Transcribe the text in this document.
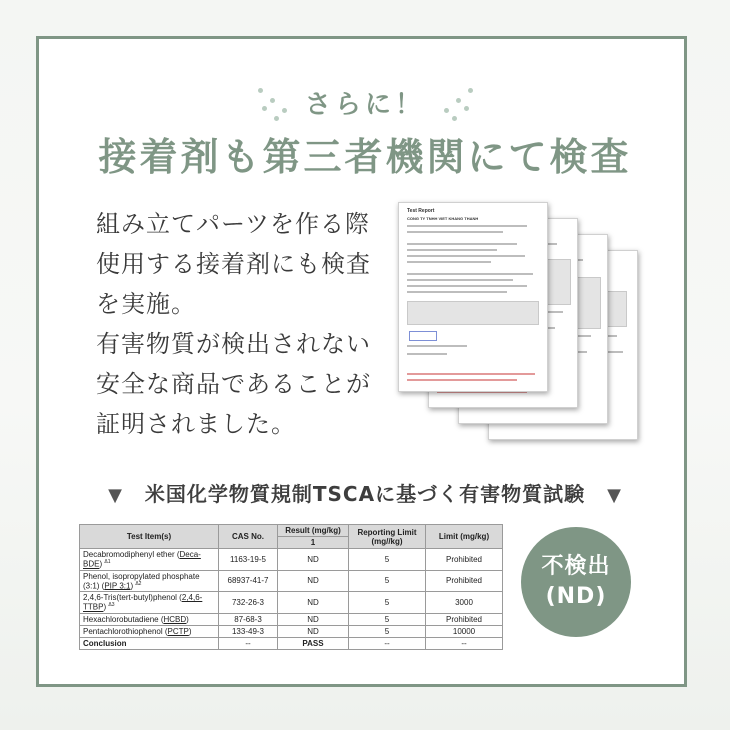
さらに！
接着剤も第三者機関にて検査
組み立てパーツを作る際
使用する接着剤にも検査
を実施。
有害物質が検出されない
安全な商品であることが
証明されました。
Test Report
CONG TY TNHH VIET KHANG THANH
▼ 米国化学物質規制TSCAに基づく有害物質試験 ▼
Test Item(s)	CAS No.	Result (mg/kg)	Reporting Limit (mg//kg)	Limit (mg/kg)
		1		
Decabromodiphenyl ether (Deca-BDE) $^{\Delta 1}$	1163-19-5	ND	5	Prohibited
Phenol, isopropylated phosphate (3:1) (PIP 3:1) $^{\Delta 2}$	68937-41-7	ND	5	Prohibited
2,4,6-Tris(tert-butyl)phenol (2,4,6-TTBP) $^{\Delta 3}$	732-26-3	ND	5	3000
Hexachlorobutadiene (HCBD)	87-68-3	ND	5	Prohibited
Pentachlorothiophenol (PCTP)	133-49-3	ND	5	10000
Conclusion	--	PASS	--	--
不検出
(ND)
